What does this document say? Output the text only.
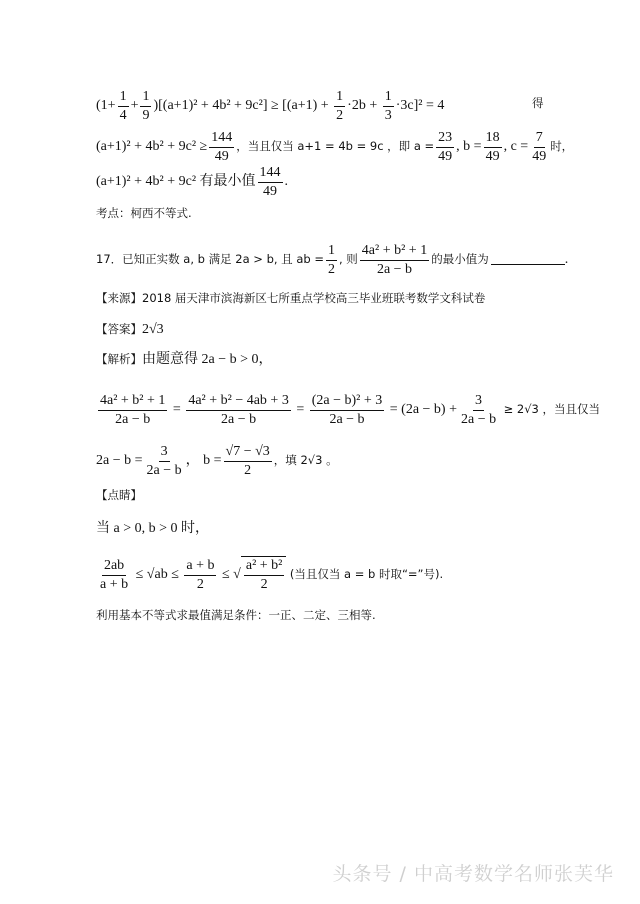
$(1+ \frac{1}{4} + \frac{1}{9} )[(a+1)^2 + 4b^2 + 9c^2] \ge [(a+1) + \frac{1}{2} \cdot 2b + \frac{1}{3} \cdot 3c]^2 = 4$	得
$(a+1)^2 + 4b^2 + 9c^2 \ge \frac{144}{49}$ ，当且仅当 a+1 = 4b = 9c ，即 $a = \frac{23}{49}$ , $b = \frac{18}{49}$ , $c = \frac{7}{49}$ 时，
(a+1)² + 4b² + 9c² 有最小值 $\frac{144}{49}$ .
考点：柯西不等式.
17．已知正实数 a, b 满足 2a > b, 且 ab = $\frac{1}{2}$ , 则 $\frac{\text{4a² + b² + 1}}{2a - b}$ 的最小值为	.
【来源】2018 届天津市滨海新区七所重点学校高三毕业班联考数学文科试卷
【答案】2√3
【解析】由题意得 2a − b > 0，
$\frac{\text{4a² + b² + 1}}{2a - b} = \frac{\text{4a² + b² − 4ab + 3}}{2a - b} = \frac{\text{(2a − b)² + 3}}{2a - b} = (2a - b) + \frac{3}{2a - b} \ge 2√3$ ，当且仅当
$2a - b = \frac{3}{2a - b}$ ， $b = \frac{√7 - √3}{2}$ ，填 2√3 。
【点睛】
当 a > 0, b > 0 时，
$\frac{2ab}{a + b} \le √ab \le \frac{a + b}{2}$ ≤ √ $\frac{\text{a² + b²}}{2}$ (当且仅当 a = b 时取“=”号).
利用基本不等式求最值满足条件：一正、二定、三相等.
头条号 / 中高考数学名师张芙华
